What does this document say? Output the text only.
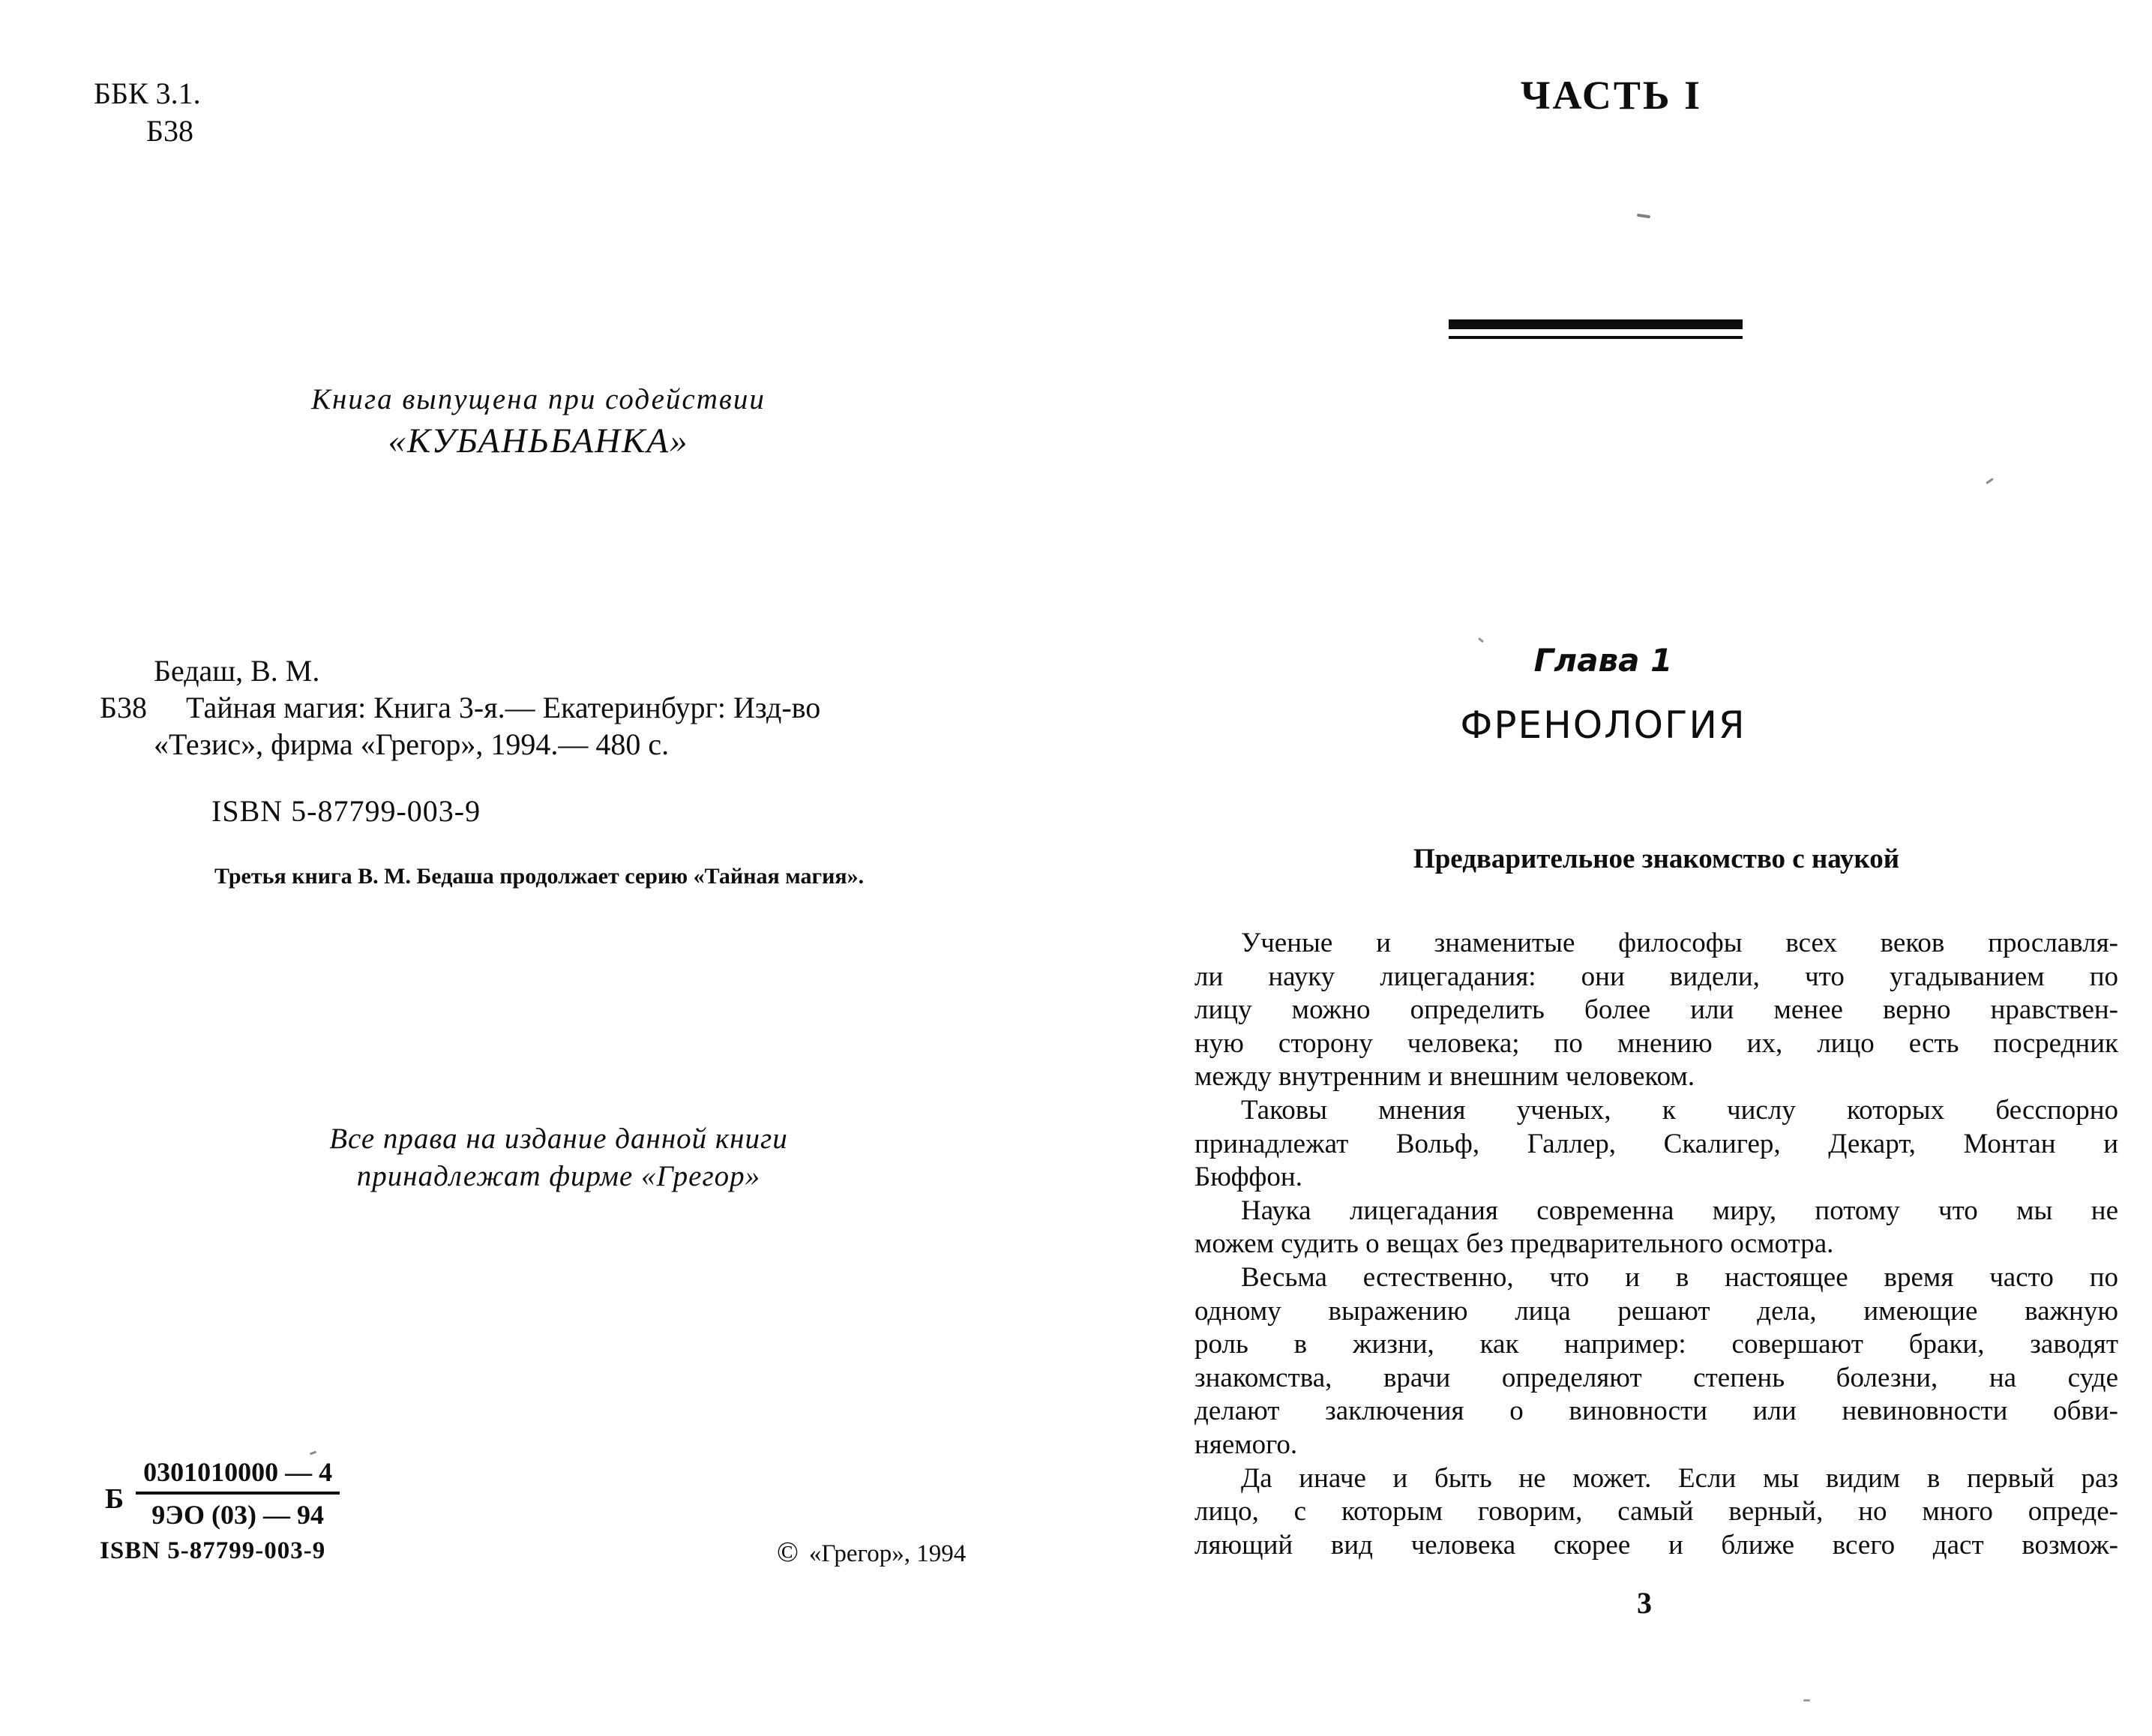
ББК 3.1.
Б38
Книга выпущена при содействии
«КУБАНЬБАНКА»
Бедаш, В. М.
Б38 Тайная магия: Книга 3-я.— Екатеринбург: Изд-во
«Тезис», фирма «Грегор», 1994.— 480 с.
ISBN 5-87799-003-9
Третья книга В. М. Бедаша продолжает серию «Тайная магия».
Все права на издание данной книги
принадлежат фирме «Грегор»
Б $\frac{0301010000 — 4}{9ЭО (03) — 94}$
ISBN 5-87799-003-9	© «Грегор», 1994
ЧАСТЬ I
Глава 1
ФРЕНОЛОГИЯ
Предварительное знакомство с наукой
Ученые и знаменитые философы всех веков прославля-
ли науку лицегадания: они видели, что угадыванием по
лицу можно определить более или менее верно нравствен-
ную сторону человека; по мнению их, лицо есть посредник
между внутренним и внешним человеком.
Таковы мнения ученых, к числу которых бесспорно
принадлежат Вольф, Галлер, Скалигер, Декарт, Монтан и
Бюффон.
Наука лицегадания современна миру, потому что мы не
можем судить о вещах без предварительного осмотра.
Весьма естественно, что и в настоящее время часто по
одному выражению лица решают дела, имеющие важную
роль в жизни, как например: совершают браки, заводят
знакомства, врачи определяют степень болезни, на суде
делают заключения о виновности или невиновности обви-
няемого.
Да иначе и быть не может. Если мы видим в первый раз
лицо, с которым говорим, самый верный, но много опреде-
ляющий вид человека скорее и ближе всего даст возмож-
3
